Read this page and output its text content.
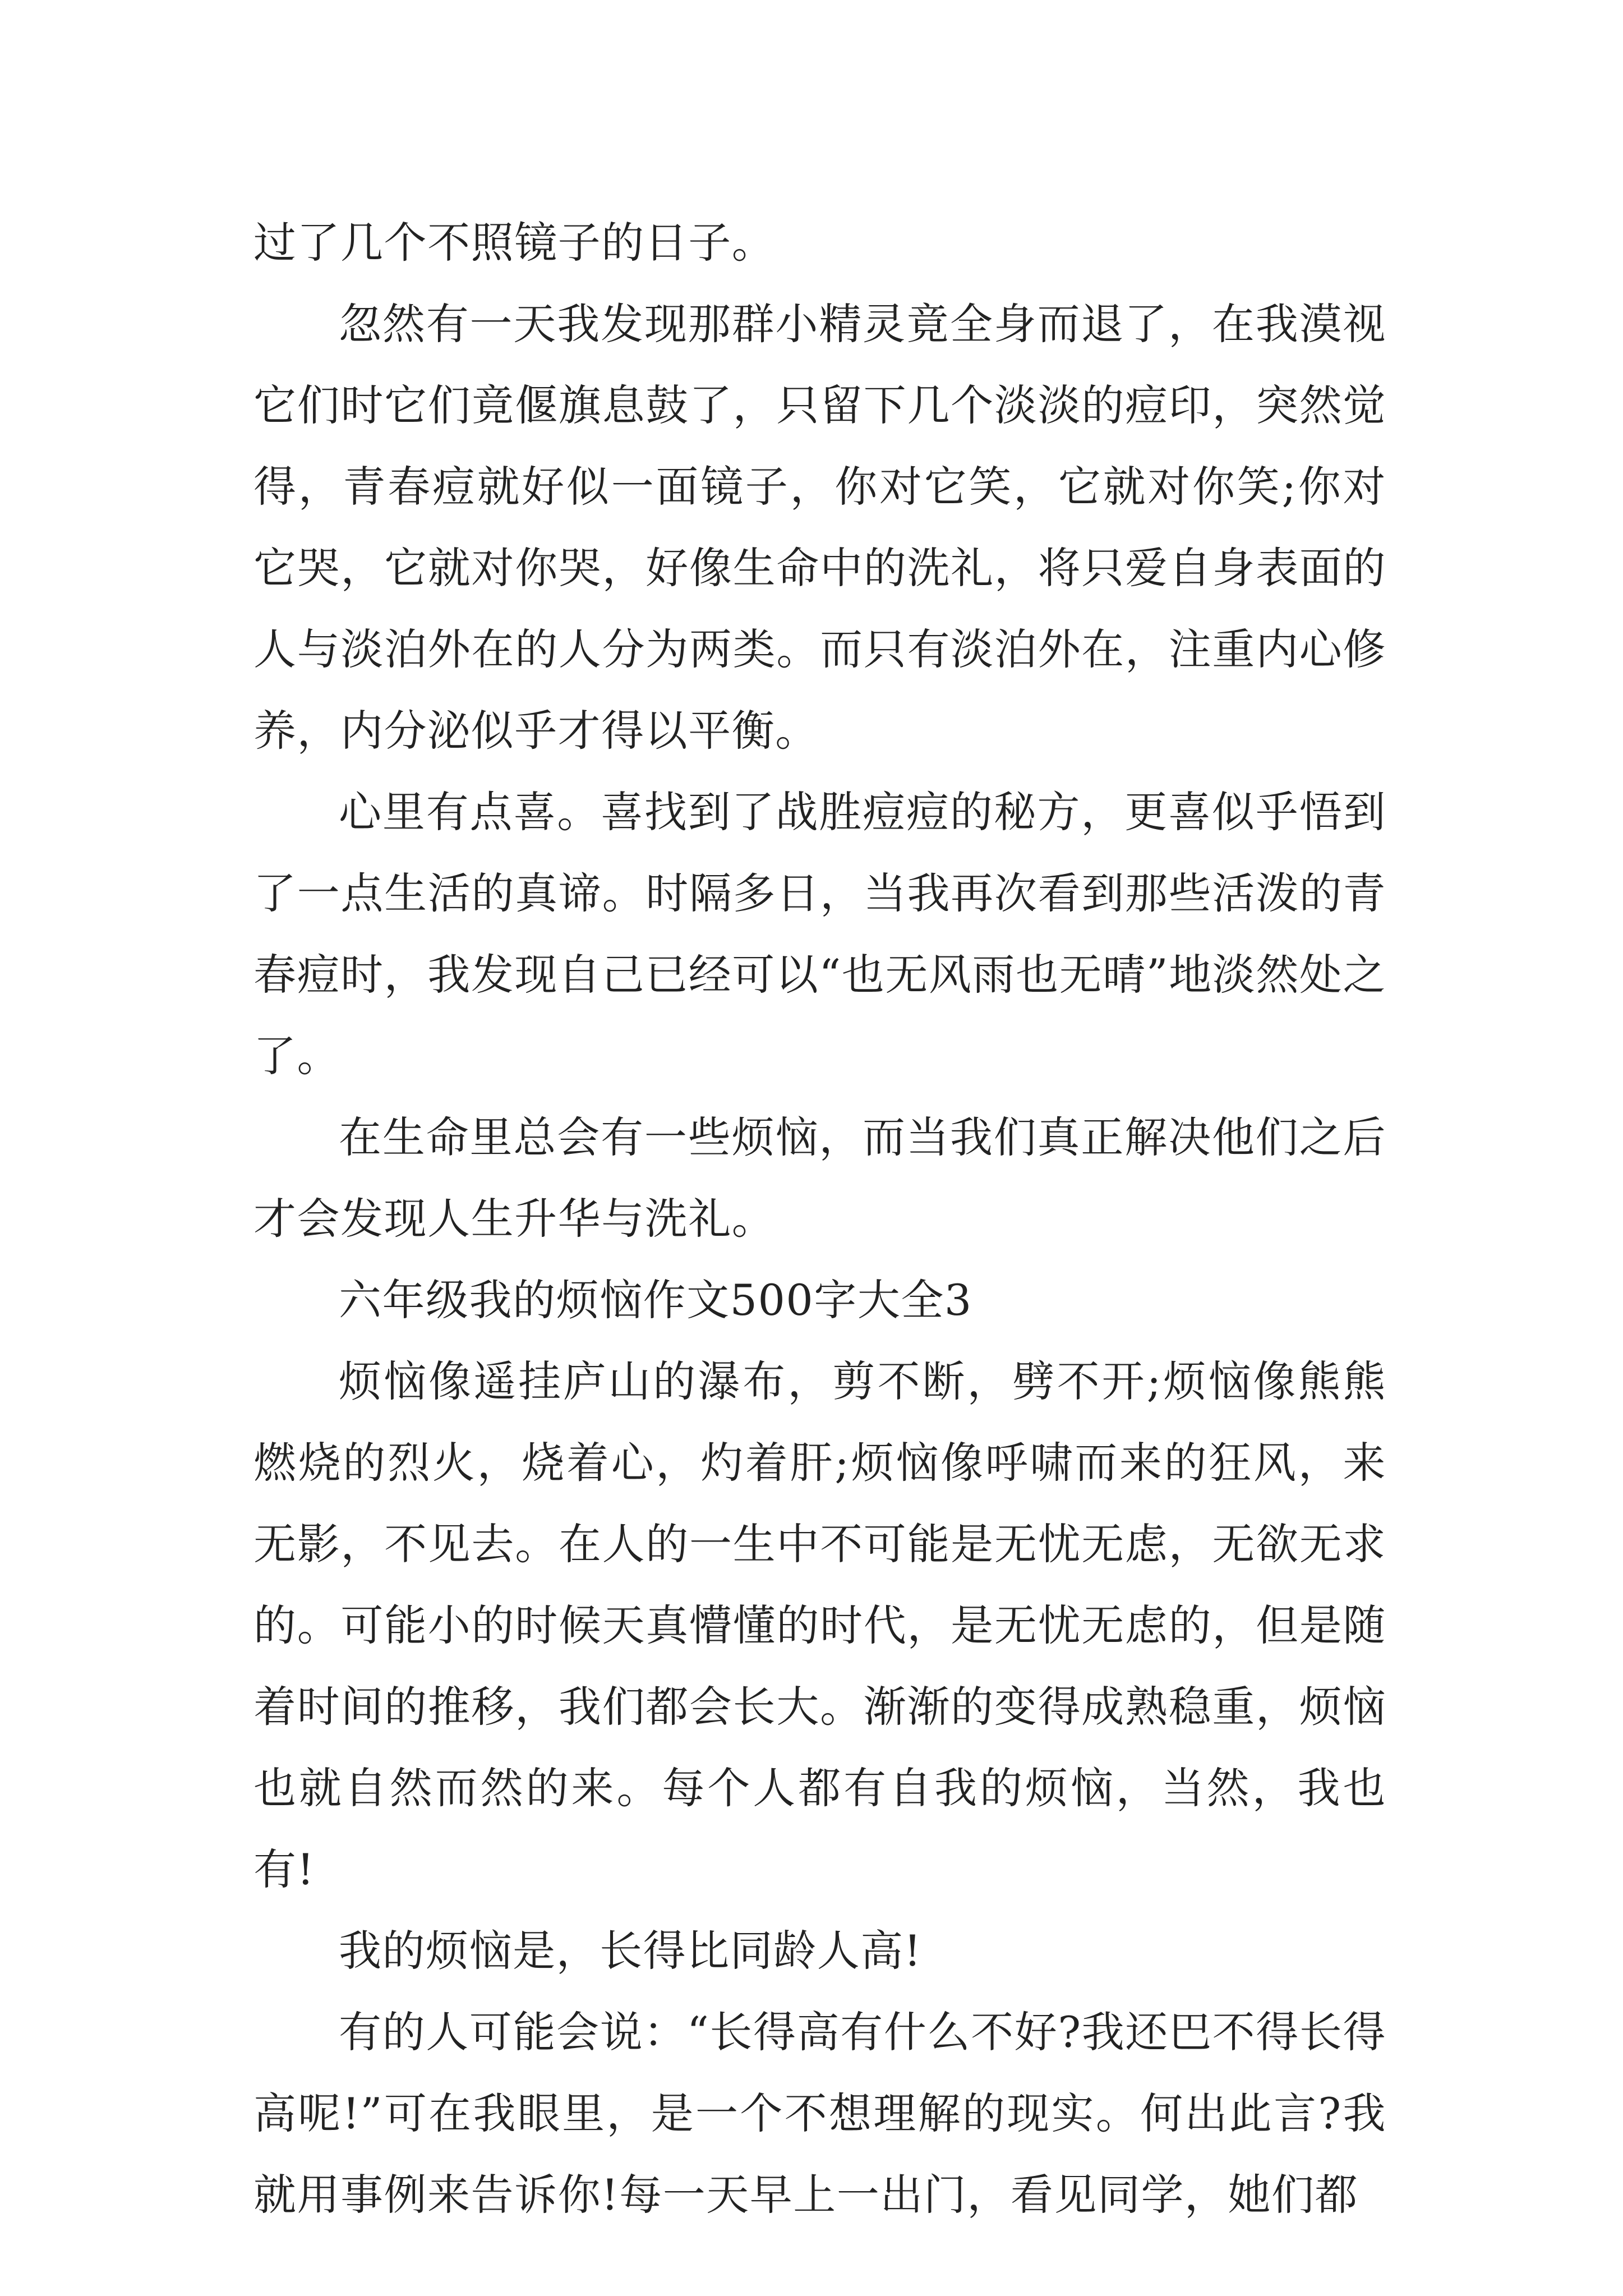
过了几个不照镜子的日子。

忽然有一天我发现那群小精灵竟全身而退了，在我漠视它们时它们竟偃旗息鼓了，只留下几个淡淡的痘印，突然觉得，青春痘就好似一面镜子，你对它笑，它就对你笑;你对它哭，它就对你哭，好像生命中的洗礼，将只爱自身表面的人与淡泊外在的人分为两类。而只有淡泊外在，注重内心修养，内分泌似乎才得以平衡。

心里有点喜。喜找到了战胜痘痘的秘方，更喜似乎悟到了一点生活的真谛。时隔多日，当我再次看到那些活泼的青春痘时，我发现自己已经可以“也无风雨也无晴”地淡然处之了。

在生命里总会有一些烦恼，而当我们真正解决他们之后才会发现人生升华与洗礼。

六年级我的烦恼作文500字大全3

烦恼像遥挂庐山的瀑布，剪不断，劈不开;烦恼像熊熊燃烧的烈火，烧着心，灼着肝;烦恼像呼啸而来的狂风，来无影，不见去。在人的一生中不可能是无忧无虑，无欲无求的。可能小的时候天真懵懂的时代，是无忧无虑的，但是随着时间的推移，我们都会长大。渐渐的变得成熟稳重，烦恼也就自然而然的来。每个人都有自我的烦恼，当然，我也有!

我的烦恼是，长得比同龄人高!

有的人可能会说：“长得高有什么不好?我还巴不得长得高呢!”可在我眼里，是一个不想理解的现实。何出此言?我就用事例来告诉你!每一天早上一出门，看见同学，她们都
